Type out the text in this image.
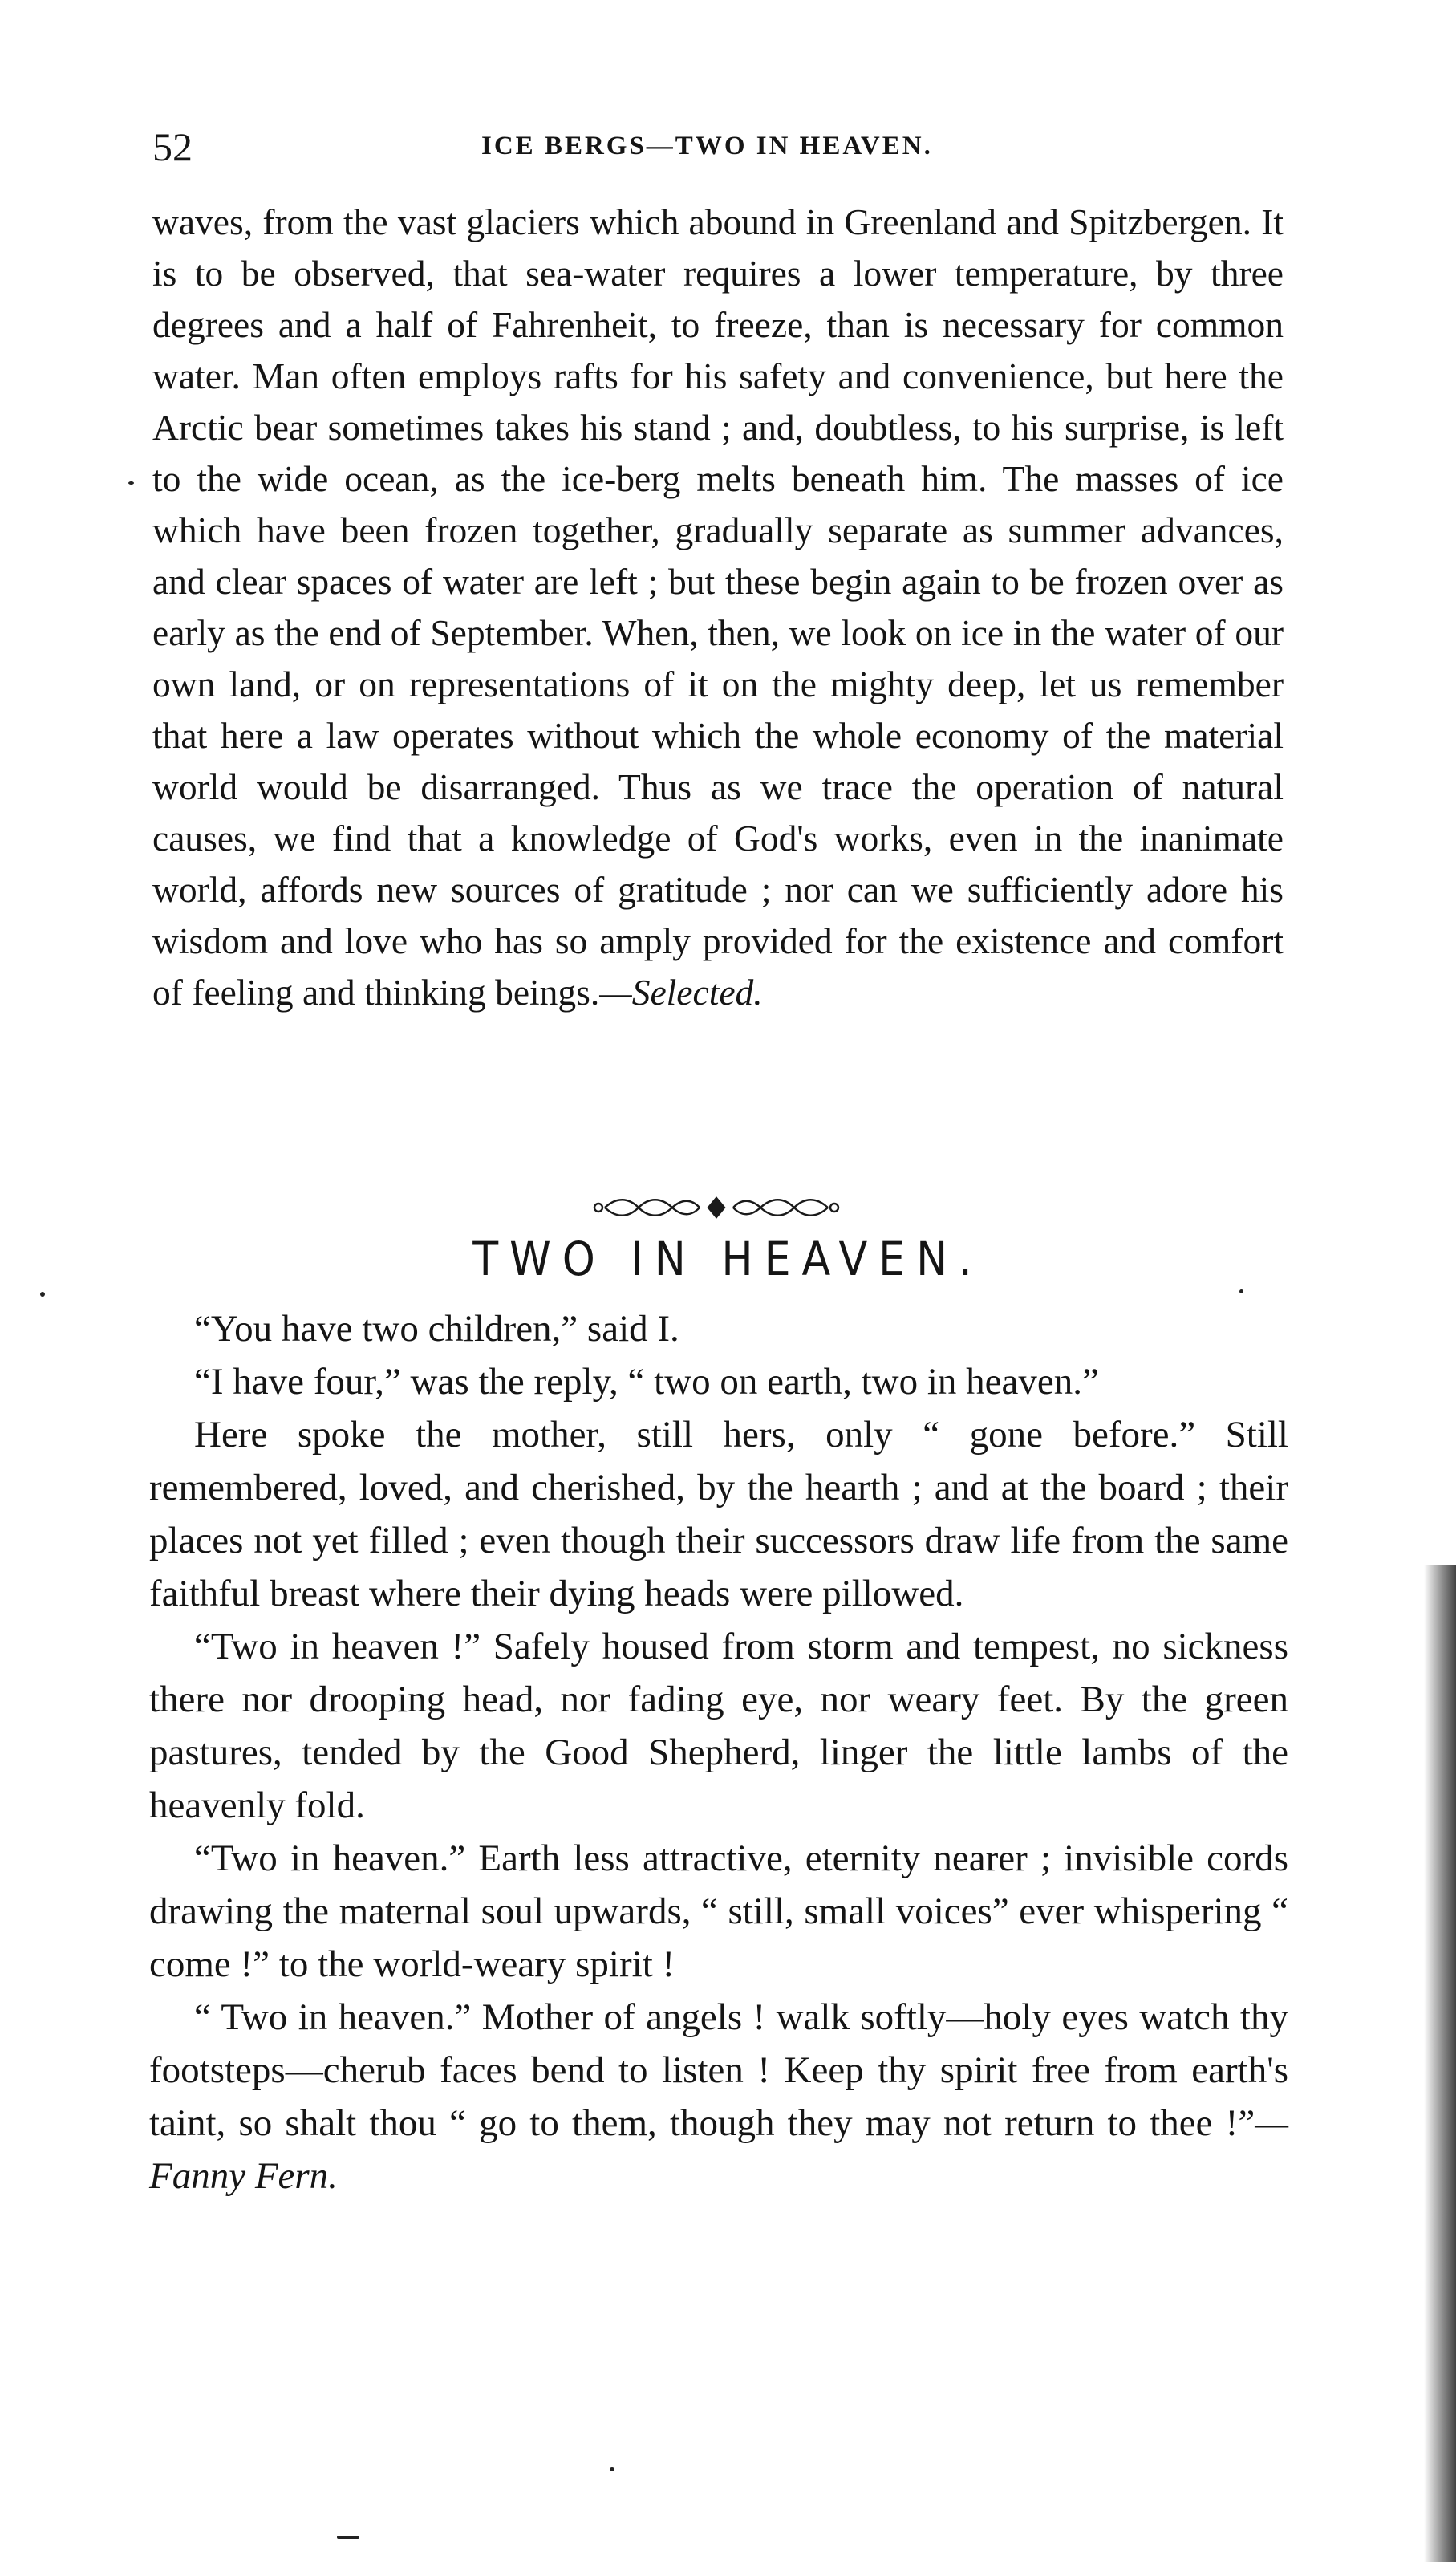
52	ICE BERGS—TWO IN HEAVEN.

waves, from the vast glaciers which abound in Greenland and Spitzbergen. It is to be observed, that sea-water requires a lower temperature, by three degrees and a half of Fahrenheit, to freeze, than is necessary for common water. Man often employs rafts for his safety and convenience, but here the Arctic bear sometimes takes his stand ; and, doubtless, to his surprise, is left to the wide ocean, as the ice-berg melts beneath him. The masses of ice which have been frozen together, gradually separate as summer advances, and clear spaces of water are left ; but these begin again to be frozen over as early as the end of September. When, then, we look on ice in the water of our own land, or on representations of it on the mighty deep, let us remember that here a law operates without which the whole economy of the material world would be disarranged. Thus as we trace the operation of natural causes, we find that a knowledge of God's works, even in the inanimate world, affords new sources of gratitude ; nor can we sufficiently adore his wisdom and love who has so amply provided for the existence and comfort of feeling and thinking beings.—Selected.

TWO IN HEAVEN.

“You have two children,” said I.

“I have four,” was the reply, “ two on earth, two in heaven.”

Here spoke the mother, still hers, only “ gone before.” Still remembered, loved, and cherished, by the hearth ; and at the board ; their places not yet filled ; even though their successors draw life from the same faithful breast where their dying heads were pillowed.

“Two in heaven !” Safely housed from storm and tempest, no sickness there nor drooping head, nor fading eye, nor weary feet. By the green pastures, tended by the Good Shepherd, linger the little lambs of the heavenly fold.

“Two in heaven.” Earth less attractive, eternity nearer ; invisible cords drawing the maternal soul upwards, “ still, small voices” ever whispering “ come !” to the world-weary spirit !

“ Two in heaven.” Mother of angels ! walk softly—holy eyes watch thy footsteps—cherub faces bend to listen ! Keep thy spirit free from earth's taint, so shalt thou “ go to them, though they may not return to thee !”—Fanny Fern.
